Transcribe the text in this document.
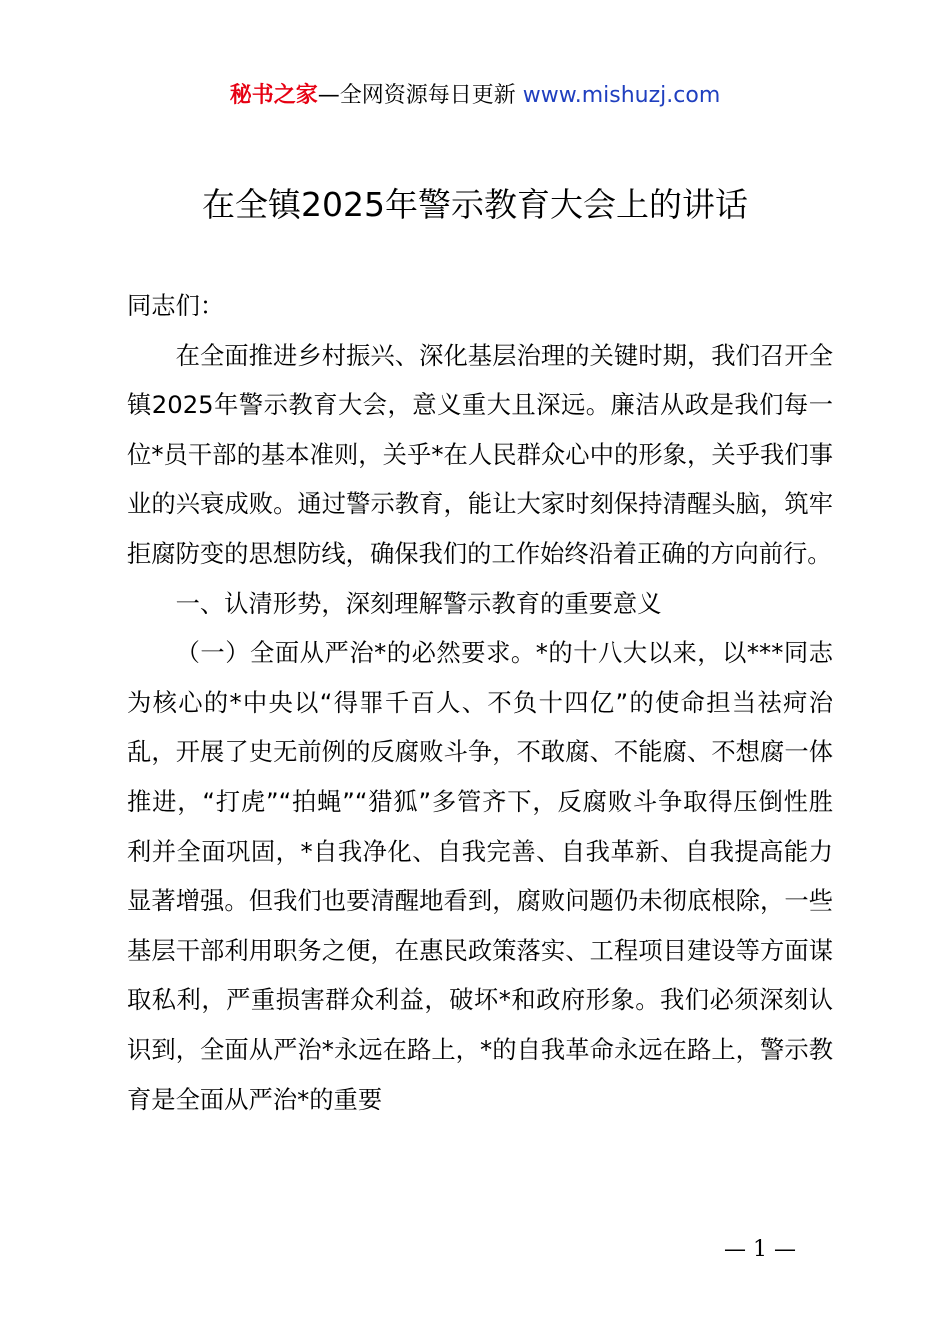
秘书之家—全网资源每日更新 www.mishuzj.com
在全镇2025年警示教育大会上的讲话

同志们：

在全面推进乡村振兴、深化基层治理的关键时期，我们召开全镇2025年警示教育大会，意义重大且深远。廉洁从政是我们每一位*员干部的基本准则，关乎*在人民群众心中的形象，关乎我们事业的兴衰成败。通过警示教育，能让大家时刻保持清醒头脑，筑牢拒腐防变的思想防线，确保我们的工作始终沿着正确的方向前行。

一、认清形势，深刻理解警示教育的重要意义

（一）全面从严治*的必然要求。*的十八大以来，以***同志为核心的*中央以“得罪千百人、不负十四亿”的使命担当祛疴治乱，开展了史无前例的反腐败斗争，不敢腐、不能腐、不想腐一体推进，“打虎”“拍蝇”“猎狐”多管齐下，反腐败斗争取得压倒性胜利并全面巩固，*自我净化、自我完善、自我革新、自我提高能力显著增强。但我们也要清醒地看到，腐败问题仍未彻底根除，一些基层干部利用职务之便，在惠民政策落实、工程项目建设等方面谋取私利，严重损害群众利益，破坏*和政府形象。我们必须深刻认识到，全面从严治*永远在路上，*的自我革命永远在路上，警示教育是全面从严治*的重要

— 1 —
